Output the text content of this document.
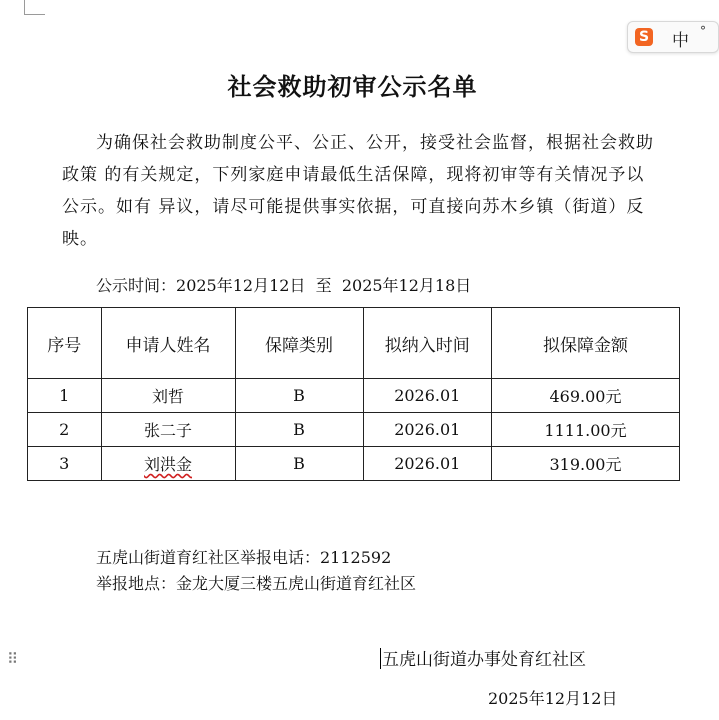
S 中 °
社会救助初审公示名单

为确保社会救助制度公平、公正、公开，接受社会监督，根据社会救助政策 的有关规定，下列家庭申请最低生活保障，现将初审等有关情况予以公示。如有 异议，请尽可能提供事实依据，可直接向苏木乡镇（街道）反映。

公示时间：2025年12月12日 至 2025年12月18日
序号	申请人姓名	保障类别	拟纳入时间	拟保障金额
1	刘哲	B	2026.01	469.00元
2	张二子	B	2026.01	1111.00元
3	刘洪金	B	2026.01	319.00元
五虎山街道育红社区举报电话：2112592
举报地点：金龙大厦三楼五虎山街道育红社区
⠿	五虎山街道办事处育红社区
2025年12月12日
